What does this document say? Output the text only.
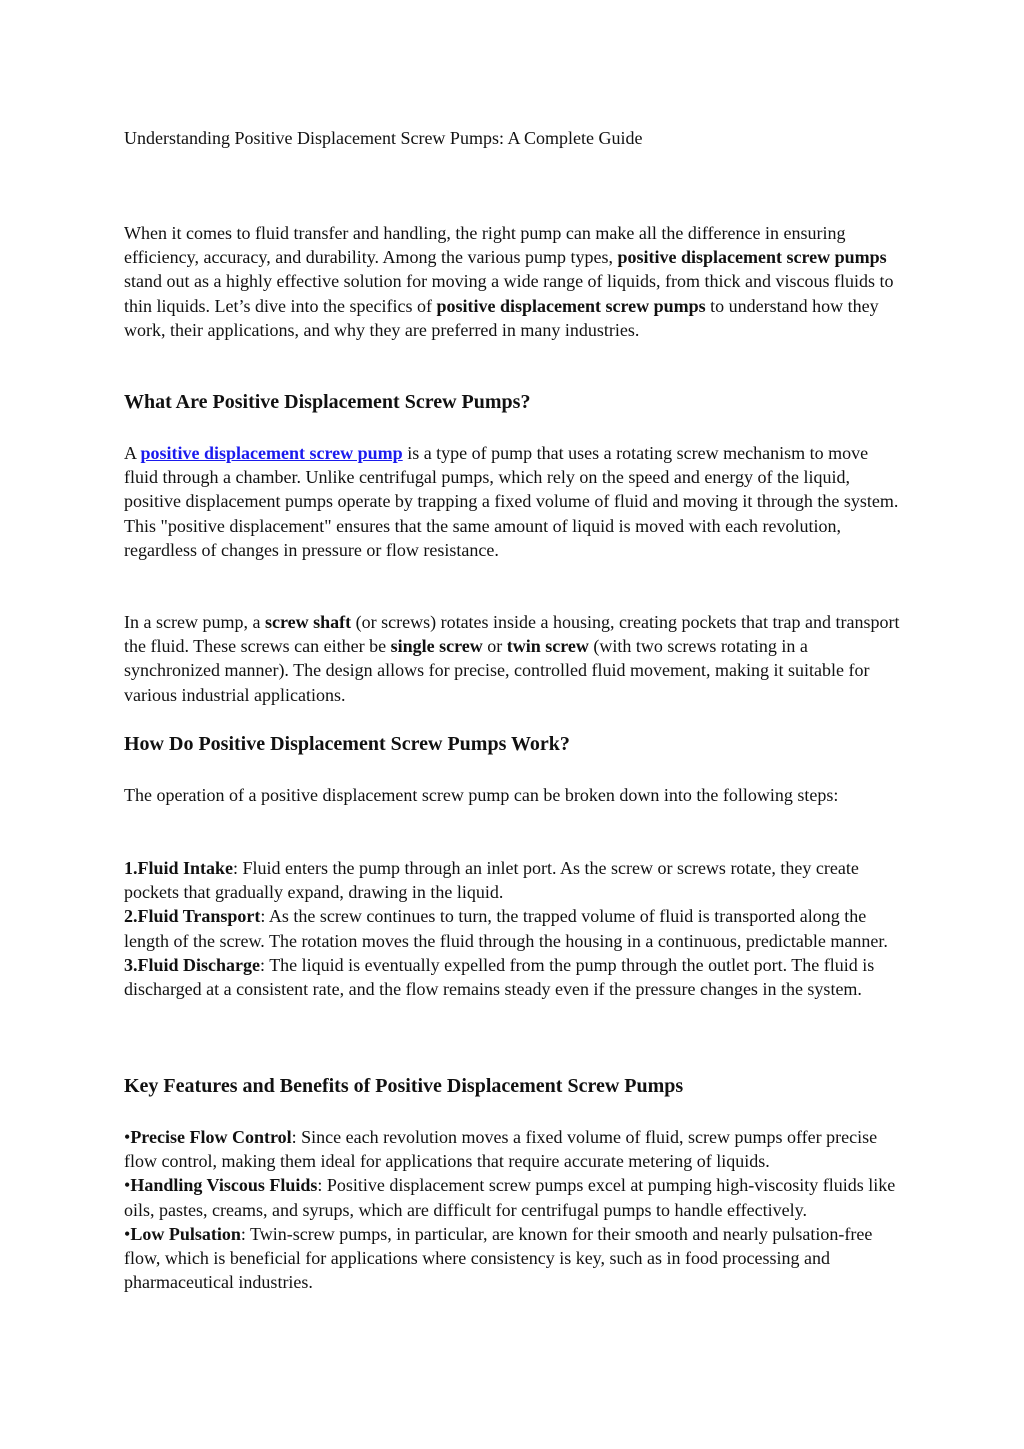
Understanding Positive Displacement Screw Pumps: A Complete Guide

When it comes to fluid transfer and handling, the right pump can make all the difference in ensuring efficiency, accuracy, and durability. Among the various pump types, positive displacement screw pumps stand out as a highly effective solution for moving a wide range of liquids, from thick and viscous fluids to thin liquids. Let’s dive into the specifics of positive displacement screw pumps to understand how they work, their applications, and why they are preferred in many industries.

What Are Positive Displacement Screw Pumps?

A positive displacement screw pump is a type of pump that uses a rotating screw mechanism to move fluid through a chamber. Unlike centrifugal pumps, which rely on the speed and energy of the liquid, positive displacement pumps operate by trapping a fixed volume of fluid and moving it through the system. This "positive displacement" ensures that the same amount of liquid is moved with each revolution, regardless of changes in pressure or flow resistance.

In a screw pump, a screw shaft (or screws) rotates inside a housing, creating pockets that trap and transport the fluid. These screws can either be single screw or twin screw (with two screws rotating in a synchronized manner). The design allows for precise, controlled fluid movement, making it suitable for various industrial applications.

How Do Positive Displacement Screw Pumps Work?

The operation of a positive displacement screw pump can be broken down into the following steps:

1.Fluid Intake: Fluid enters the pump through an inlet port. As the screw or screws rotate, they create pockets that gradually expand, drawing in the liquid.
2.Fluid Transport: As the screw continues to turn, the trapped volume of fluid is transported along the length of the screw. The rotation moves the fluid through the housing in a continuous, predictable manner.
3.Fluid Discharge: The liquid is eventually expelled from the pump through the outlet port. The fluid is discharged at a consistent rate, and the flow remains steady even if the pressure changes in the system.

Key Features and Benefits of Positive Displacement Screw Pumps

•Precise Flow Control: Since each revolution moves a fixed volume of fluid, screw pumps offer precise flow control, making them ideal for applications that require accurate metering of liquids.
•Handling Viscous Fluids: Positive displacement screw pumps excel at pumping high-viscosity fluids like oils, pastes, creams, and syrups, which are difficult for centrifugal pumps to handle effectively.
•Low Pulsation: Twin-screw pumps, in particular, are known for their smooth and nearly pulsation-free flow, which is beneficial for applications where consistency is key, such as in food processing and pharmaceutical industries.
